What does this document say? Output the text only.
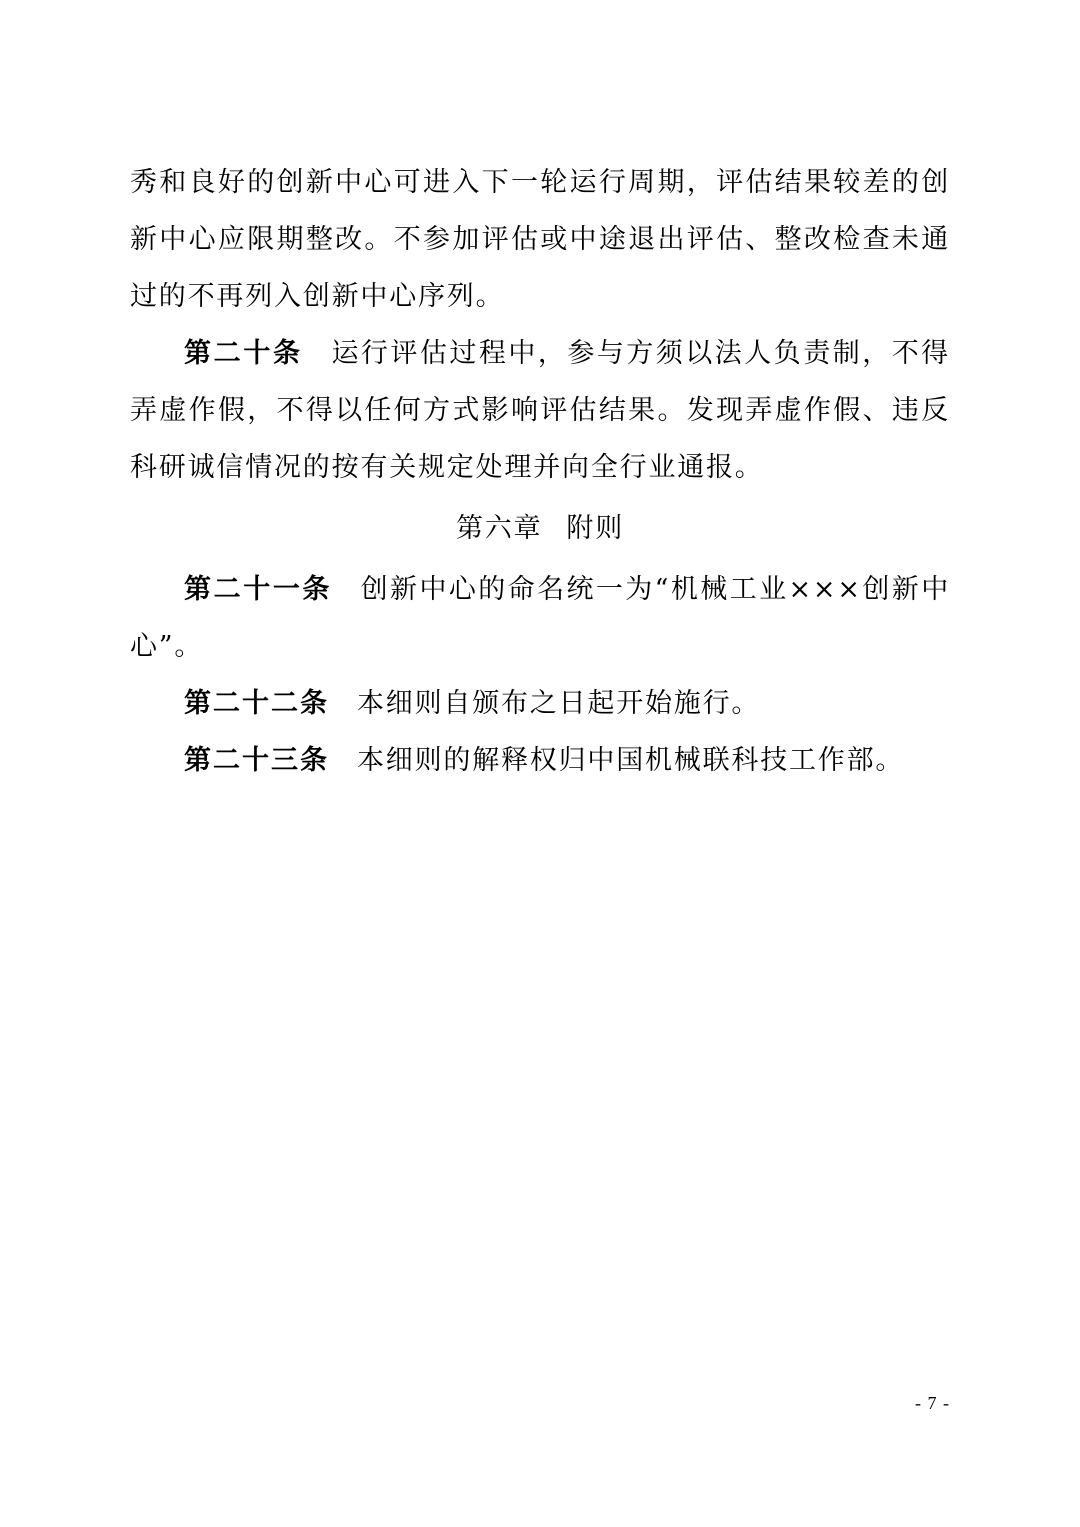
秀和良好的创新中心可进入下一轮运行周期，评估结果较差的创新中心应限期整改。不参加评估或中途退出评估、整改检查未通过的不再列入创新中心序列。

第二十条 运行评估过程中，参与方须以法人负责制，不得弄虚作假，不得以任何方式影响评估结果。发现弄虚作假、违反科研诚信情况的按有关规定处理并向全行业通报。

第六章 附则

第二十一条 创新中心的命名统一为“机械工业×××创新中心”。

第二十二条 本细则自颁布之日起开始施行。

第二十三条 本细则的解释权归中国机械联科技工作部。

- 7 -
